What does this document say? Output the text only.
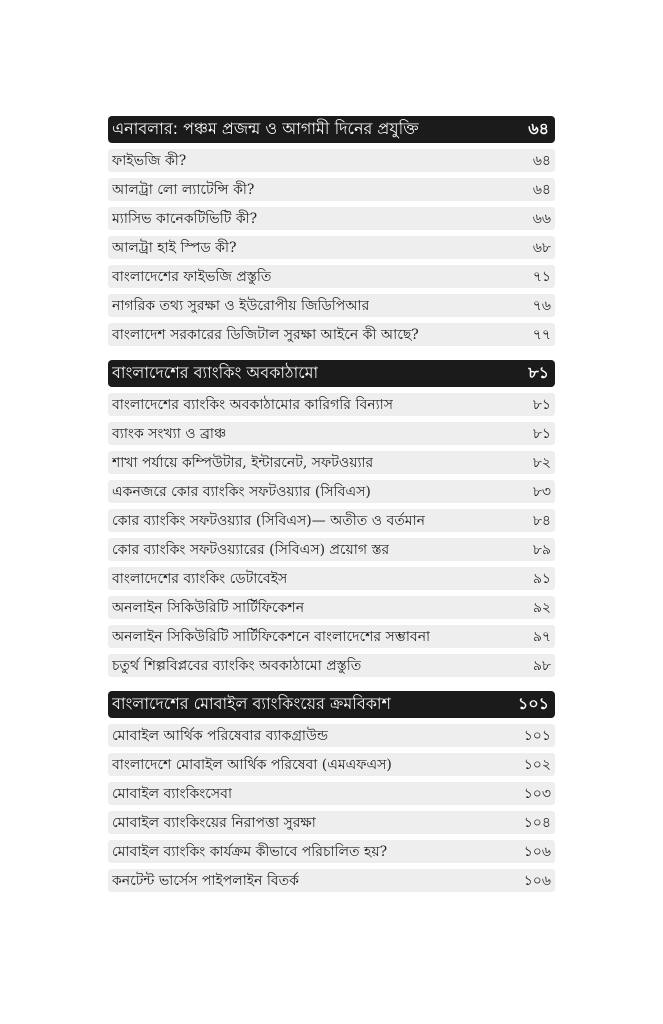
এনাবলার: পঞ্চম প্রজন্ম ও আগামী দিনের প্রযুক্তি	৬৪
ফাইভজি কী?	৬৪
আলট্রা লো ল্যাটেন্সি কী?	৬৪
ম্যাসিভ কানেকটিভিটি কী?	৬৬
আলট্রা হাই স্পিড কী?	৬৮
বাংলাদেশের ফাইভজি প্রস্তুতি	৭১
নাগরিক তথ্য সুরক্ষা ও ইউরোপীয় জিডিপিআর	৭৬
বাংলাদেশ সরকারের ডিজিটাল সুরক্ষা আইনে কী আছে?	৭৭
বাংলাদেশের ব্যাংকিং অবকাঠামো	৮১
বাংলাদেশের ব্যাংকিং অবকাঠামোর কারিগরি বিন্যাস	৮১
ব্যাংক সংখ্যা ও ব্রাঞ্চ	৮১
শাখা পর্যায়ে কম্পিউটার, ইন্টারনেট, সফটওয়্যার	৮২
একনজরে কোর ব্যাংকিং সফটওয়্যার (সিবিএস)	৮৩
কোর ব্যাংকিং সফটওয়্যার (সিবিএস)— অতীত ও বর্তমান	৮৪
কোর ব্যাংকিং সফটওয়্যারের (সিবিএস) প্রয়োগ স্তর	৮৯
বাংলাদেশের ব্যাংকিং ডেটাবেইস	৯১
অনলাইন সিকিউরিটি সার্টিফিকেশন	৯২
অনলাইন সিকিউরিটি সার্টিফিকেশনে বাংলাদেশের সম্ভাবনা	৯৭
চতুর্থ শিল্পবিপ্লবের ব্যাংকিং অবকাঠামো প্রস্তুতি	৯৮
বাংলাদেশের মোবাইল ব্যাংকিংয়ের ক্রমবিকাশ	১০১
মোবাইল আর্থিক পরিষেবার ব্যাকগ্রাউন্ড	১০১
বাংলাদেশে মোবাইল আর্থিক পরিষেবা (এমএফএস)	১০২
মোবাইল ব্যাংকিংসেবা	১০৩
মোবাইল ব্যাংকিংয়ের নিরাপত্তা সুরক্ষা	১০৪
মোবাইল ব্যাংকিং কার্যক্রম কীভাবে পরিচালিত হয়?	১০৬
কনটেন্ট ভার্সেস পাইপলাইন বিতর্ক	১০৬
